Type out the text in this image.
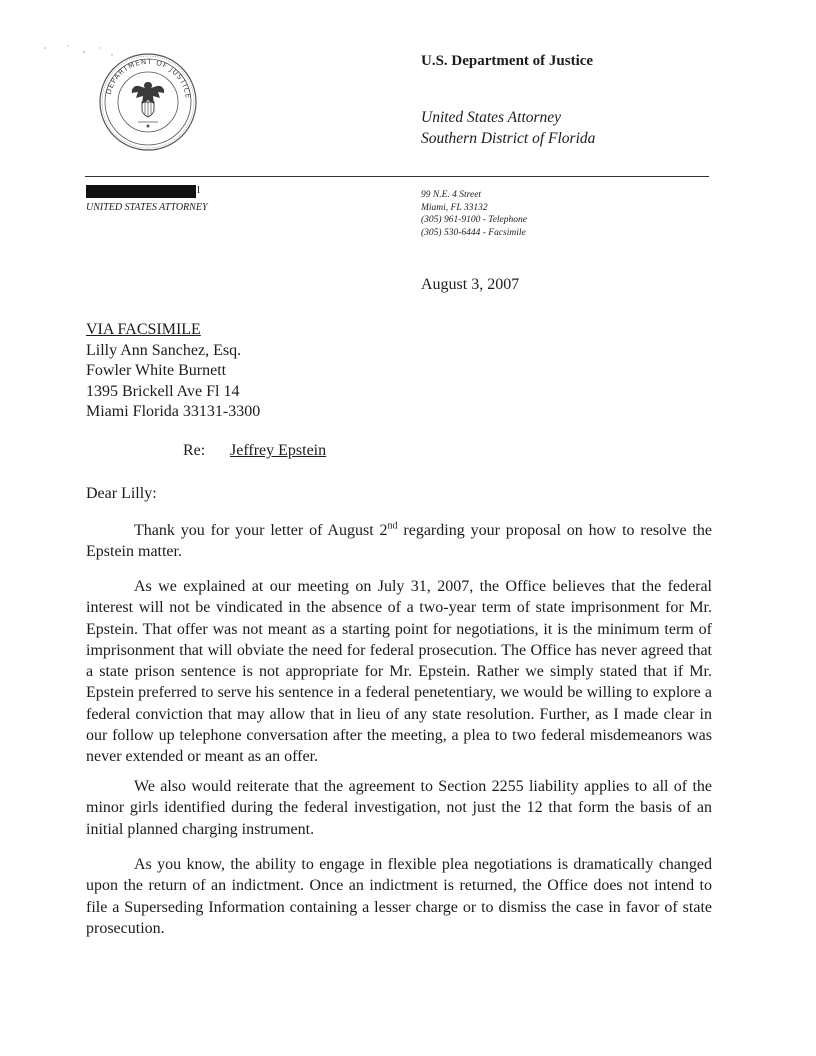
DEPARTMENT OF JUSTICE
U.S. Department of Justice
United States Attorney
Southern District of Florida
l
UNITED STATES ATTORNEY
99 N.E. 4 Street
Miami, FL 33132
(305) 961-9100 - Telephone
(305) 530-6444 - Facsimile
August 3, 2007
VIA FACSIMILE
Lilly Ann Sanchez, Esq.
Fowler White Burnett
1395 Brickell Ave Fl 14
Miami Florida 33131-3300
Re: Jeffrey Epstein
Dear Lilly:

Thank you for your letter of August 2nd regarding your proposal on how to resolve the Epstein matter.

As we explained at our meeting on July 31, 2007, the Office believes that the federal interest will not be vindicated in the absence of a two-year term of state imprisonment for Mr. Epstein. That offer was not meant as a starting point for negotiations, it is the minimum term of imprisonment that will obviate the need for federal prosecution. The Office has never agreed that a state prison sentence is not appropriate for Mr. Epstein. Rather we simply stated that if Mr. Epstein preferred to serve his sentence in a federal penetentiary, we would be willing to explore a federal conviction that may allow that in lieu of any state resolution. Further, as I made clear in our follow up telephone conversation after the meeting, a plea to two federal misdemeanors was never extended or meant as an offer.

We also would reiterate that the agreement to Section 2255 liability applies to all of the minor girls identified during the federal investigation, not just the 12 that form the basis of an initial planned charging instrument.

As you know, the ability to engage in flexible plea negotiations is dramatically changed upon the return of an indictment. Once an indictment is returned, the Office does not intend to file a Superseding Information containing a lesser charge or to dismiss the case in favor of state prosecution.
